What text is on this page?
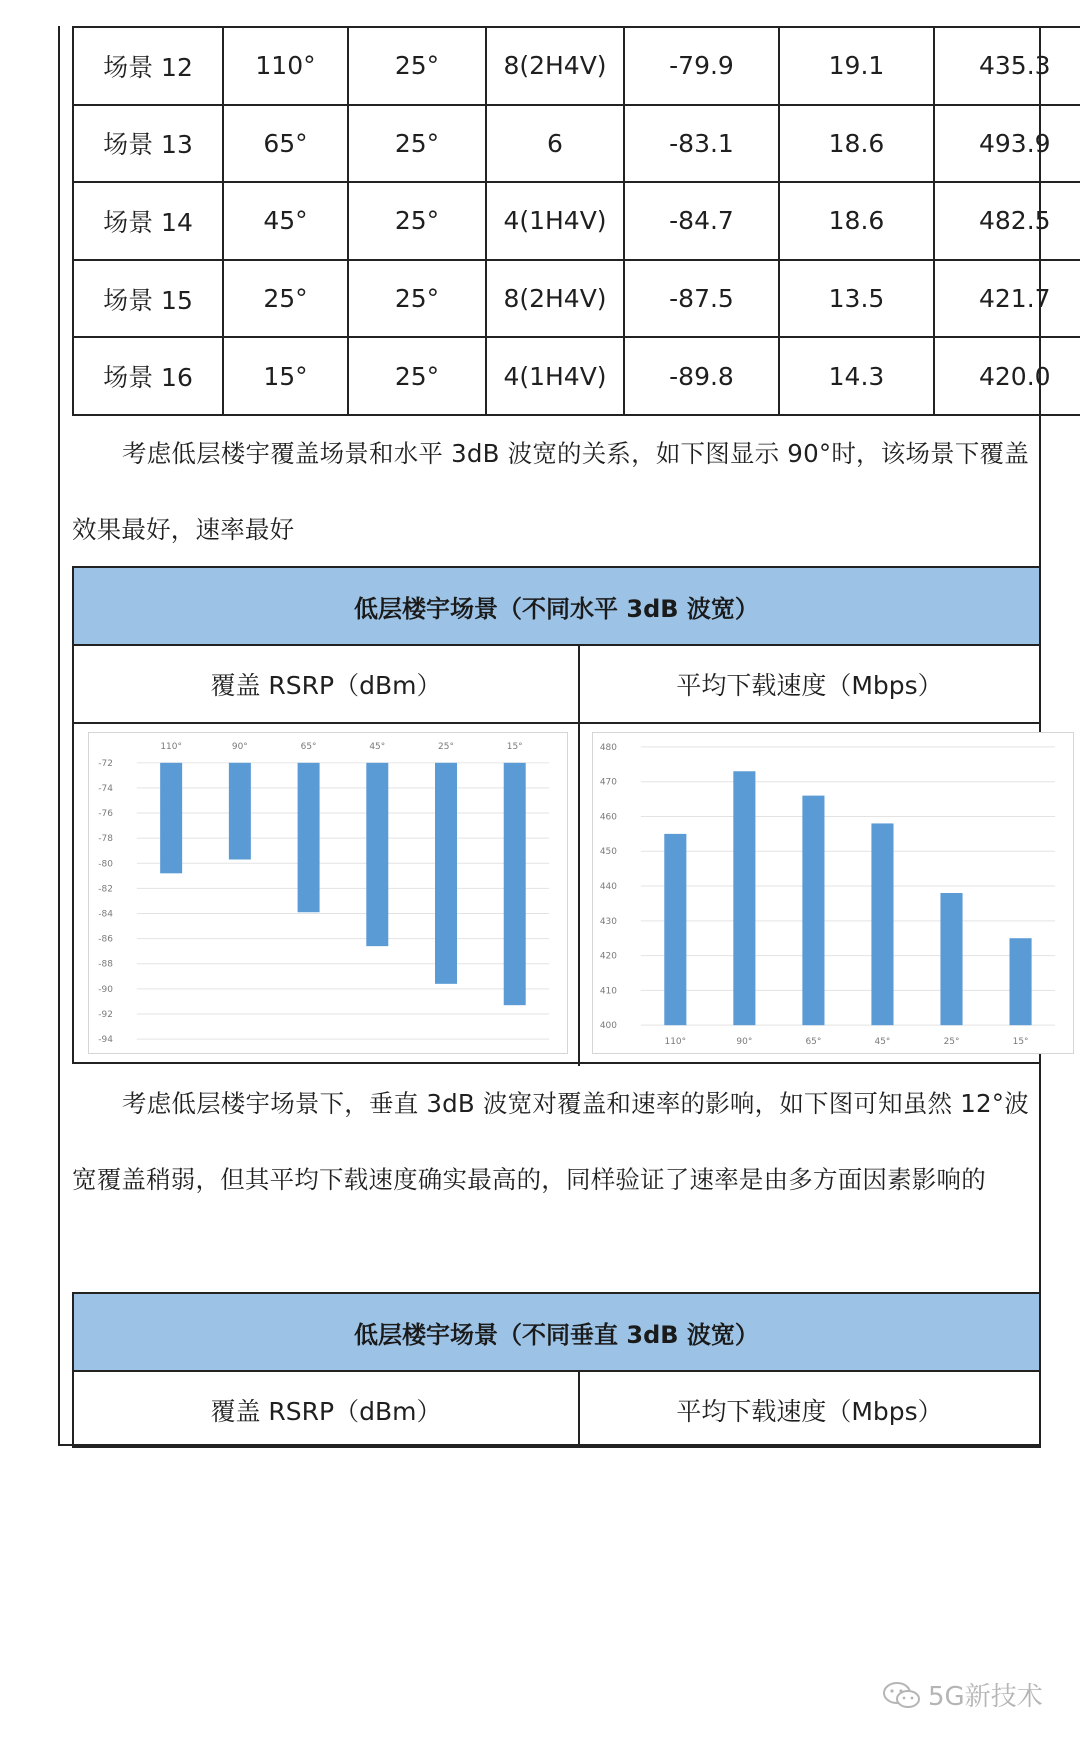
场景 12	110°	25°	8(2H4V)	-79.9	19.1	435.3
场景 13	65°	25°	6	-83.1	18.6	493.9
场景 14	45°	25°	4(1H4V)	-84.7	18.6	482.5
场景 15	25°	25°	8(2H4V)	-87.5	13.5	421.7
场景 16	15°	25°	4(1H4V)	-89.8	14.3	420.0

考虑低层楼宇覆盖场景和水平 3dB 波宽的关系，如下图显示 90°时，该场景下覆盖效果最好，速率最好

低层楼宇场景（不同水平 3dB 波宽）
覆盖 RSRP（dBm）	平均下载速度（Mbps）
-72
-74
-76
-78
-80
-82
-84
-86
-88
-90
-92
-94
110°	90°	65°	45°	25°	15°
400
410
420
430
440
450
460
470
480
110°	90°	65°	45°	25°	15°

考虑低层楼宇场景下，垂直 3dB 波宽对覆盖和速率的影响，如下图可知虽然 12°波宽覆盖稍弱，但其平均下载速度确实最高的，同样验证了速率是由多方面因素影响的

低层楼宇场景（不同垂直 3dB 波宽）
覆盖 RSRP（dBm）	平均下载速度（Mbps）
5G新技术
